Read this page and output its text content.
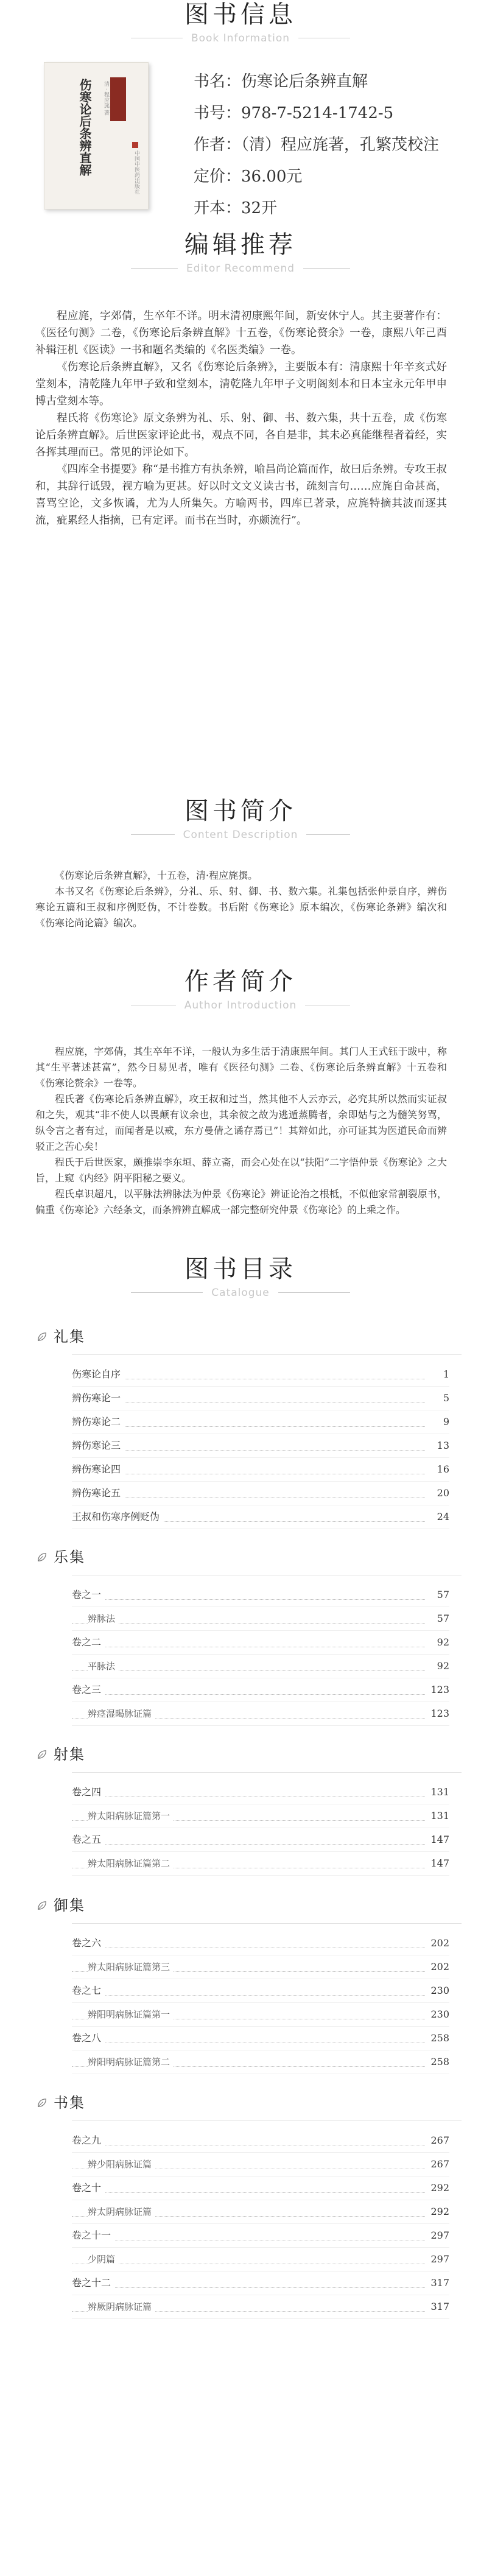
图书信息
Book Information
伤寒论后条辨直解	清 · 程应旄 著
中国中医药出版社
书名：伤寒论后条辨直解
书号：978-7-5214-1742-5
作者：（清）程应旄著，孔繁茂校注
定价：36.00元
开本：32开
编辑推荐
Editor Recommend

程应旄，字郊倩，生卒年不详。明末清初康熙年间，新安休宁人。其主要著作有：《医径句测》二卷，《伤寒论后条辨直解》十五卷，《伤寒论赘余》一卷，康熙八年己酉补辑汪机《医读》一书和题名类编的《名医类编》一卷。

《伤寒论后条辨直解》，又名《伤寒论后条辨》，主要版本有：清康熙十年辛亥式好堂刻本，清乾隆九年甲子致和堂刻本，清乾隆九年甲子文明阁刻本和日本宝永元年甲申博古堂刻本等。

程氏将《伤寒论》原文条辨为礼、乐、射、御、书、数六集，共十五卷，成《伤寒论后条辨直解》。后世医家评论此书，观点不同，各自是非，其未必真能继程者着经，实各挥其理而已。常见的评论如下。

《四库全书提要》称“是书推方有执条辨，喻昌尚论篇而作，故曰后条辨。专攻王叔和，其辞行诋毁，视方喻为更甚。好以时文文义读古书，疏刻言句……应旄自命甚高，喜骂空论，文多恢谲，尤为人所集矢。方喻两书，四库已著录，应旄特摘其波而逐其流，疵累经人指摘，已有定评。而书在当时，亦颇流行”。

图书简介
Content Description

《伤寒论后条辨直解》，十五卷，清·程应旄撰。

本书又名《伤寒论后条辨》，分礼、乐、射、御、书、数六集。礼集包括张仲景自序，辨伤寒论五篇和王叔和序例贬伪，不计卷数。书后附《伤寒论》原本编次，《伤寒论条辨》编次和《伤寒论尚论篇》编次。

作者简介
Author Introduction

程应旄，字郊倩，其生卒年不详，一般认为多生活于清康熙年间。其门人王式钰于跋中，称其“生平著述甚富”，然今日易见者，唯有《医径句测》二卷、《伤寒论后条辨直解》十五卷和《伤寒论赘余》一卷等。

程氏著《伤寒论后条辨直解》，攻王叔和过当，然其他不人云亦云，必究其所以然而实证叔和之失，观其“非不使人以畏颠有议余也，其余彼之故为逃遁蒸腾者，余即姑与之为髓笑努骂，纵令言之者有过，而闻者是以戒，东方曼倩之谲存焉已”！其辩如此，亦可证其为医道民命而辨驳正之苦心矣！

程氏于后世医家，颇推崇李东垣、薛立斋，而会心处在以“扶阳”二字悟仲景《伤寒论》之大旨，上窥《内经》阴平阳秘之要义。

程氏卓识超凡，以平脉法辨脉法为仲景《伤寒论》辨证论治之根柢，不似他家常割裂原书，偏重《伤寒论》六经条文，而条辨辨直解成一部完整研究仲景《伤寒论》的上乘之作。

图书目录
Catalogue
礼集
伤寒论自序	1
辨伤寒论一	5
辨伤寒论二	9
辨伤寒论三	13
辨伤寒论四	16
辨伤寒论五	20
王叔和伤寒序例贬伪	24
乐集
卷之一	57
辨脉法	57
卷之二	92
平脉法	92
卷之三	123
辨痉湿暍脉证篇	123
射集
卷之四	131
辨太阳病脉证篇第一	131
卷之五	147
辨太阳病脉证篇第二	147
御集
卷之六	202
辨太阳病脉证篇第三	202
卷之七	230
辨阳明病脉证篇第一	230
卷之八	258
辨阳明病脉证篇第二	258
书集
卷之九	267
辨少阳病脉证篇	267
卷之十	292
辨太阴病脉证篇	292
卷之十一	297
少阴篇	297
卷之十二	317
辨厥阴病脉证篇	317
